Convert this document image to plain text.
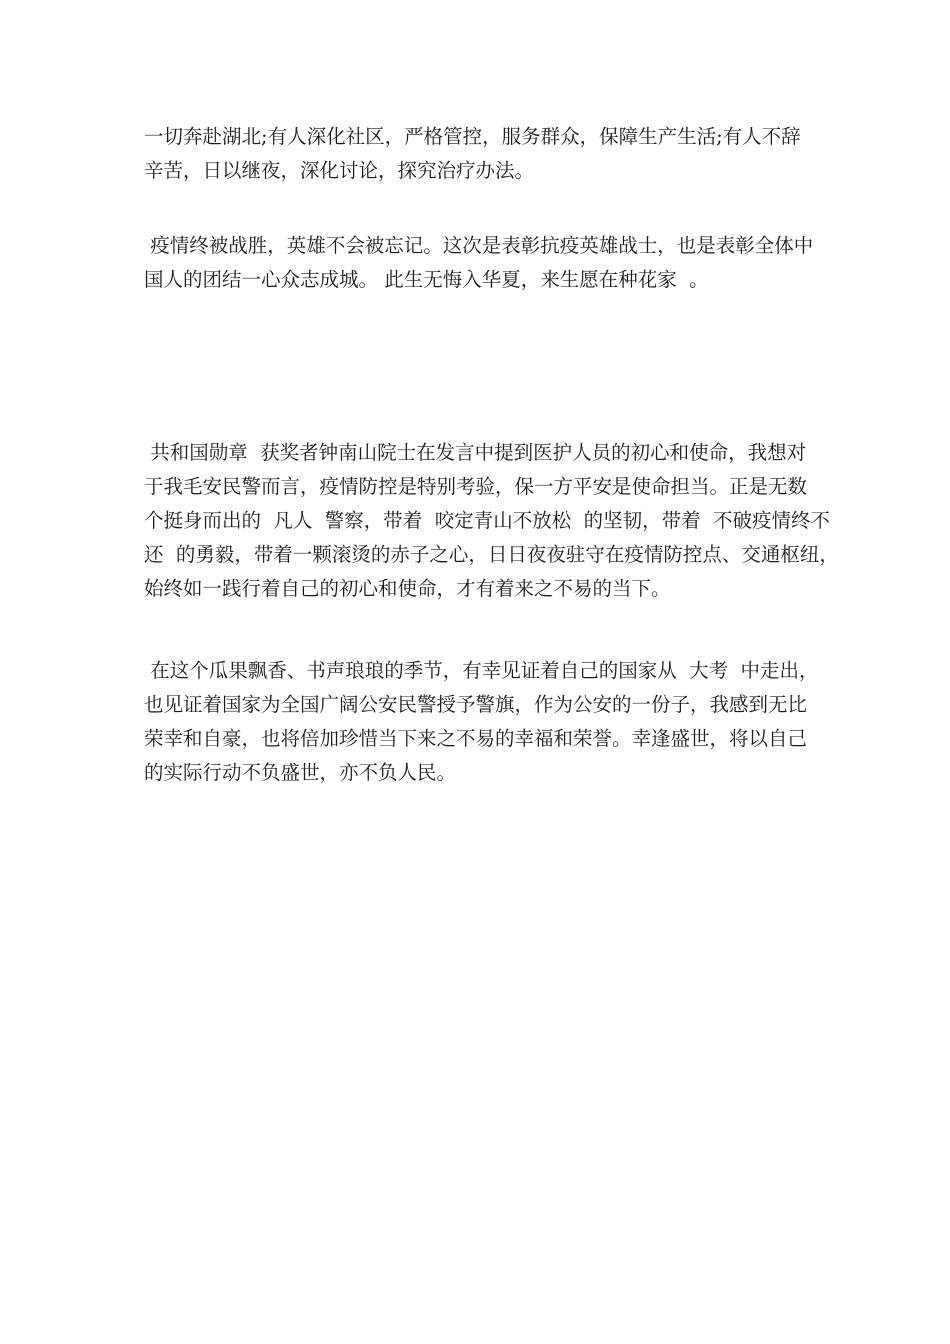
一切奔赴湖北;有人深化社区，严格管控，服务群众，保障生产生活;有人不辞
辛苦，日以继夜，深化讨论，探究治疗办法。
疫情终被战胜，英雄不会被忘记。这次是表彰抗疫英雄战士，也是表彰全体中
国人的团结一心众志成城。 此生无悔入华夏，来生愿在种花家  。
共和国勋章  获奖者钟南山院士在发言中提到医护人员的初心和使命，我想对
于我毛安民警而言，疫情防控是特别考验，保一方平安是使命担当。正是无数
个挺身而出的  凡人  警察，带着  咬定青山不放松  的坚韧，带着  不破疫情终不
还  的勇毅，带着一颗滚烫的赤子之心，日日夜夜驻守在疫情防控点、交通枢纽，
始终如一践行着自己的初心和使命，才有着来之不易的当下。
在这个瓜果飘香、书声琅琅的季节，有幸见证着自己的国家从  大考  中走出，
也见证着国家为全国广阔公安民警授予警旗，作为公安的一份子，我感到无比
荣幸和自豪，也将倍加珍惜当下来之不易的幸福和荣誉。幸逢盛世，将以自己
的实际行动不负盛世，亦不负人民。
